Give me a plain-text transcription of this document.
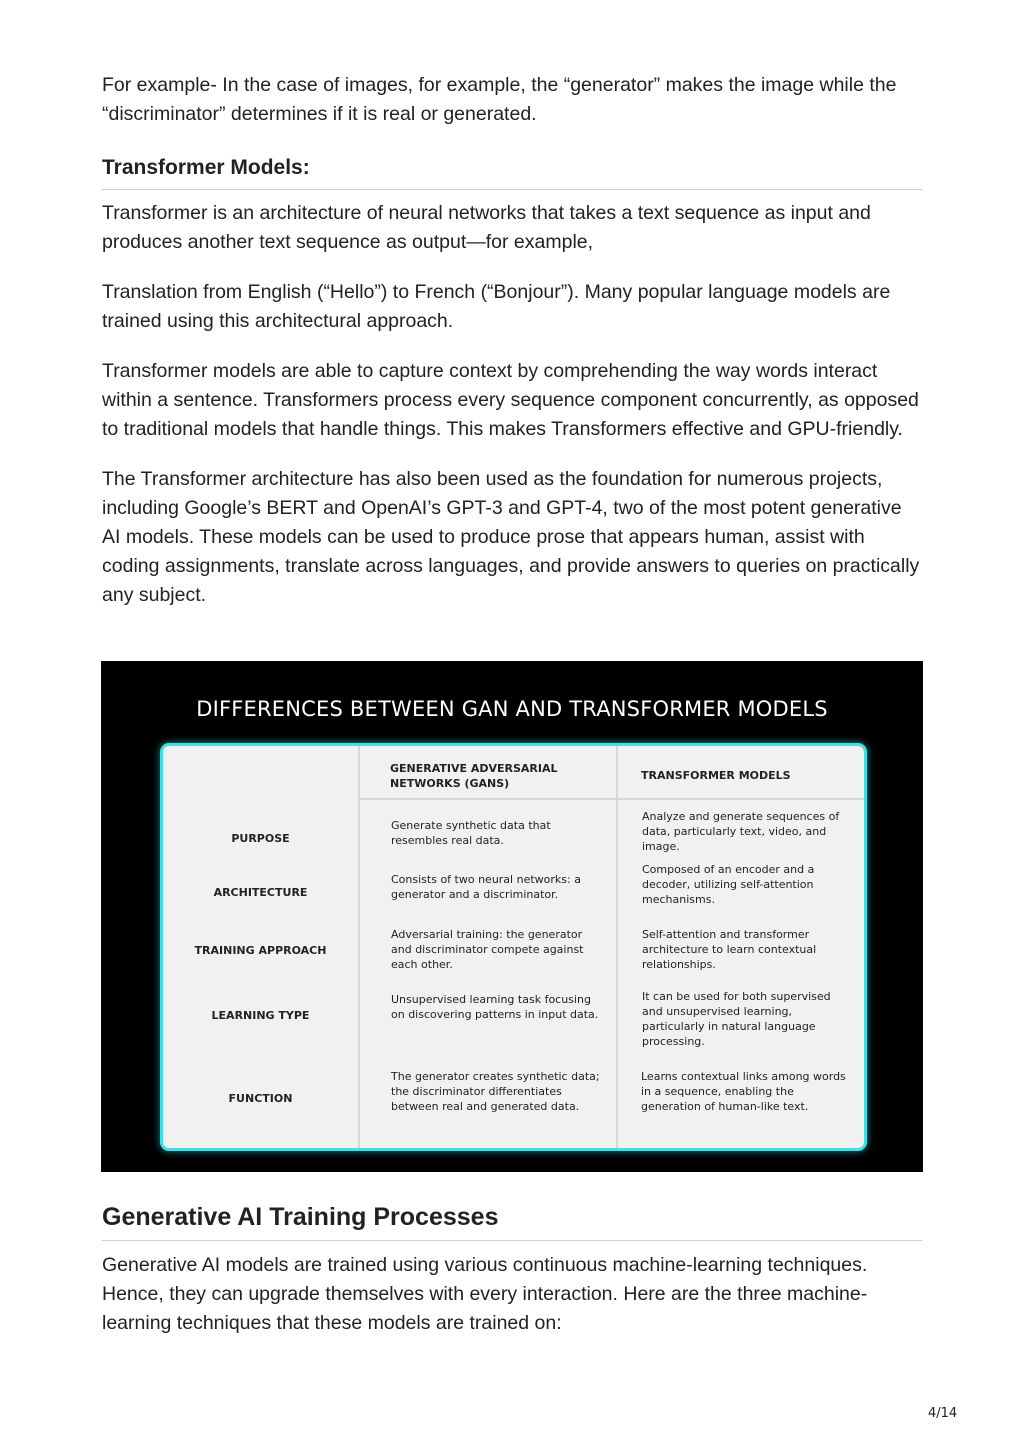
For example- In the case of images, for example, the “generator” makes the image while the “discriminator” determines if it is real or generated.

Transformer Models:

Transformer is an architecture of neural networks that takes a text sequence as input and produces another text sequence as output—for example,

Translation from English (“Hello”) to French (“Bonjour”). Many popular language models are trained using this architectural approach.

Transformer models are able to capture context by comprehending the way words interact within a sentence. Transformers process every sequence component concurrently, as opposed to traditional models that handle things. This makes Transformers effective and GPU-friendly.

The Transformer architecture has also been used as the foundation for numerous projects, including Google’s BERT and OpenAI’s GPT-3 and GPT-4, two of the most potent generative AI models. These models can be used to produce prose that appears human, assist with coding assignments, translate across languages, and provide answers to queries on practically any subject.

DIFFERENCES BETWEEN GAN AND TRANSFORMER MODELS
GENERATIVE ADVERSARIAL NETWORKS (GANS)
TRANSFORMER MODELS
PURPOSE
Generate synthetic data that resembles real data.
Analyze and generate sequences of data, particularly text, video, and image.
ARCHITECTURE
Consists of two neural networks: a generator and a discriminator.
Composed of an encoder and a decoder, utilizing self-attention mechanisms.
TRAINING APPROACH
Adversarial training: the generator and discriminator compete against each other.
Self-attention and transformer architecture to learn contextual relationships.
LEARNING TYPE
Unsupervised learning task focusing on discovering patterns in input data.
It can be used for both supervised and unsupervised learning, particularly in natural language processing.
FUNCTION
The generator creates synthetic data; the discriminator differentiates between real and generated data.
Learns contextual links among words in a sequence, enabling the generation of human-like text.
Generative AI Training Processes

Generative AI models are trained using various continuous machine-learning techniques. Hence, they can upgrade themselves with every interaction. Here are the three machine-learning techniques that these models are trained on:

4/14
